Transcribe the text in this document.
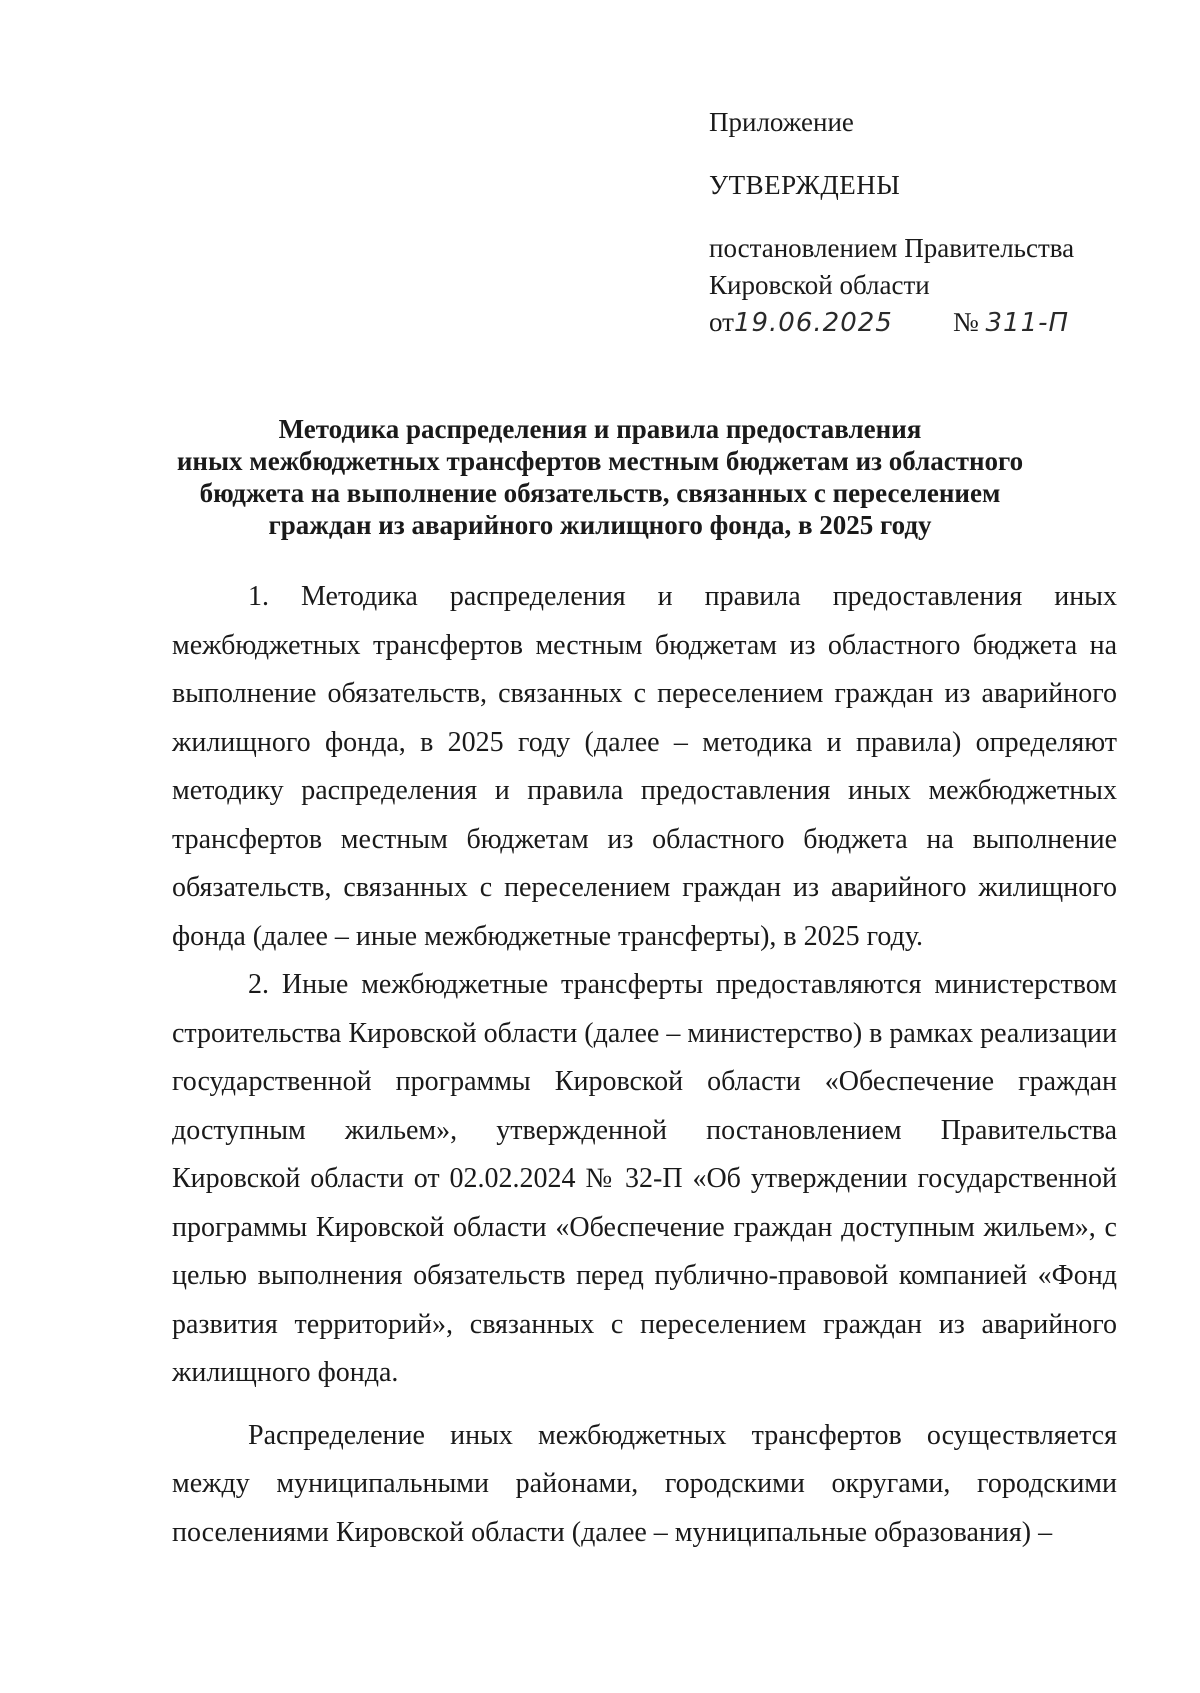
Приложение
УТВЕРЖДЕНЫ
постановлением Правительства
Кировской области
от19.06.2025 № 311-П
Методика распределения и правила предоставления
иных межбюджетных трансфертов местным бюджетам из областного
бюджета на выполнение обязательств, связанных с переселением
граждан из аварийного жилищного фонда, в 2025 году

1. Методика распределения и правила предоставления иных межбюджетных трансфертов местным бюджетам из областного бюджета на выполнение обязательств, связанных с переселением граждан из аварийного жилищного фонда, в 2025 году (далее – методика и правила) определяют методику распределения и правила предоставления иных межбюджетных трансфертов местным бюджетам из областного бюджета на выполнение обязательств, связанных с переселением граждан из аварийного жилищного фонда (далее – иные межбюджетные трансферты), в 2025 году.

2. Иные межбюджетные трансферты предоставляются министерством строительства Кировской области (далее – министерство) в рамках реализации государственной программы Кировской области «Обеспечение граждан доступным жильем», утвержденной постановлением Правительства Кировской области от 02.02.2024 № 32-П «Об утверждении государственной программы Кировской области «Обеспечение граждан доступным жильем», с целью выполнения обязательств перед публично-правовой компанией «Фонд развития территорий», связанных с переселением граждан из аварийного жилищного фонда.

Распределение иных межбюджетных трансфертов осуществляется между муниципальными районами, городскими округами, городскими поселениями Кировской области (далее – муниципальные образования) –
